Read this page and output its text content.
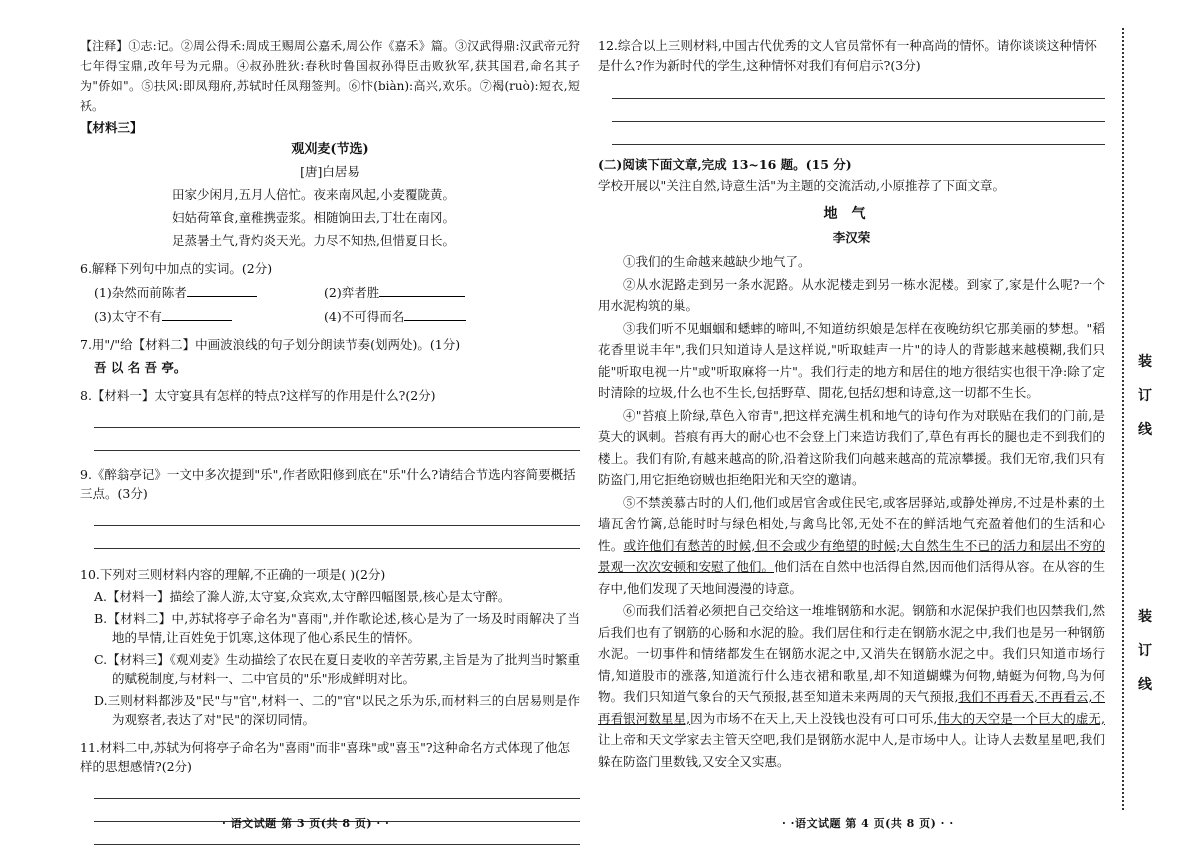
【注释】①志:记。②周公得禾:周成王赐周公嘉禾,周公作《嘉禾》篇。③汉武得鼎:汉武帝元狩七年得宝鼎,改年号为元鼎。④叔孙胜狄:春秋时鲁国叔孙得臣击败狄军,获其国君,命名其子为"侨如"。⑤扶风:即凤翔府,苏轼时任凤翔签判。⑥忭(biàn):高兴,欢乐。⑦褐(ruò):短衣,短袄。

【材料三】

观刈麦(节选)

[唐]白居易

田家少闲月,五月人倍忙。夜来南风起,小麦覆陇黄。

妇姑荷箪食,童稚携壶浆。相随饷田去,丁壮在南冈。

足蒸暑土气,背灼炎天光。力尽不知热,但惜夏日长。

6.解释下列句中加点的实词。(2分)

(1)杂然而前陈者	(2)弈者胜
(3)太守不有	(4)不可得而名

7.用"/"给【材料二】中画波浪线的句子划分朗读节奏(划两处)。(1分)

吾 以 名 吾 亭。

8.【材料一】太守宴具有怎样的特点?这样写的作用是什么?(2分)

9.《醉翁亭记》一文中多次提到"乐",作者欧阳修到底在"乐"什么?请结合节选内容简要概括三点。(3分)

10.下列对三则材料内容的理解,不正确的一项是( )(2分)

A.【材料一】描绘了滁人游,太守宴,众宾欢,太守醉四幅图景,核心是太守醉。

B.【材料二】中,苏轼将亭子命名为"喜雨",并作歌论述,核心是为了一场及时雨解决了当地的旱情,让百姓免于饥寒,这体现了他心系民生的情怀。

C.【材料三】《观刈麦》生动描绘了农民在夏日麦收的辛苦劳累,主旨是为了批判当时繁重的赋税制度,与材料一、二中官员的"乐"形成鲜明对比。

D.三则材料都涉及"民"与"官",材料一、二的"官"以民之乐为乐,而材料三的白居易则是作为观察者,表达了对"民"的深切同情。

11.材料二中,苏轼为何将亭子命名为"喜雨"而非"喜珠"或"喜玉"?这种命名方式体现了他怎样的思想感情?(2分)

12.综合以上三则材料,中国古代优秀的文人官员常怀有一种高尚的情怀。请你谈谈这种情怀是什么?作为新时代的学生,这种情怀对我们有何启示?(3分)

(二)阅读下面文章,完成 13~16 题。(15 分)

学校开展以"关注自然,诗意生活"为主题的交流活动,小原推荐了下面文章。

地气

李汉荣

①我们的生命越来越缺少地气了。

②从水泥路走到另一条水泥路。从水泥楼走到另一栋水泥楼。到家了,家是什么呢?一个用水泥构筑的巢。

③我们听不见蝈蝈和蟋蟀的啼叫,不知道纺织娘是怎样在夜晚纺织它那美丽的梦想。"稻花香里说丰年",我们只知道诗人是这样说,"听取蛙声一片"的诗人的背影越来越模糊,我们只能"听取电视一片"或"听取麻将一片"。我们行走的地方和居住的地方很结实也很干净:除了定时清除的垃圾,什么也不生长,包括野草、閒花,包括幻想和诗意,这一切都不生长。

④"苔痕上阶绿,草色入帘青",把这样充满生机和地气的诗句作为对联贴在我们的门前,是莫大的讽刺。苔痕有再大的耐心也不会登上门来造访我们了,草色有再长的腿也走不到我们的楼上。我们有阶,有越来越高的阶,沿着这阶我们向越来越高的荒凉攀援。我们无帘,我们只有防盗门,用它拒绝窃贼也拒绝阳光和天空的邀请。

⑤不禁羡慕古时的人们,他们或居官舍或住民宅,或客居驿站,或静处禅房,不过是朴素的土墙瓦舍竹篱,总能时时与绿色相处,与禽鸟比邻,无处不在的鲜活地气充盈着他们的生活和心性。或许他们有愁苦的时候,但不会或少有绝望的时候;大自然生生不已的活力和层出不穷的景观一次次安顿和安慰了他们。他们活在自然中也活得自然,因而他们活得从容。在从容的生存中,他们发现了天地间漫漫的诗意。

⑥而我们活着必须把自己交给这一堆堆钢筋和水泥。钢筋和水泥保护我们也囚禁我们,然后我们也有了钢筋的心肠和水泥的脸。我们居住和行走在钢筋水泥之中,我们也是另一种钢筋水泥。一切事件和情绪都发生在钢筋水泥之中,又消失在钢筋水泥之中。我们只知道市场行情,知道股市的涨落,知道流行什么违衣裙和歌星,却不知道蝴蝶为何物,蜻蜓为何物,鸟为何物。我们只知道气象台的天气预报,甚至知道未来两周的天气预报,我们不再看天,不再看云,不再看银河数星星,因为市场不在天上,天上没钱也没有可口可乐,伟大的天空是一个巨大的虚无,让上帝和天文学家去主管天空吧,我们是钢筋水泥中人,是市场中人。让诗人去数星星吧,我们躲在防盗门里数钱,又安全又实惠。

装订线
装订线
· 语文试题 第 3 页(共 8 页) · ·	· ·语文试题 第 4 页(共 8 页) · ·
